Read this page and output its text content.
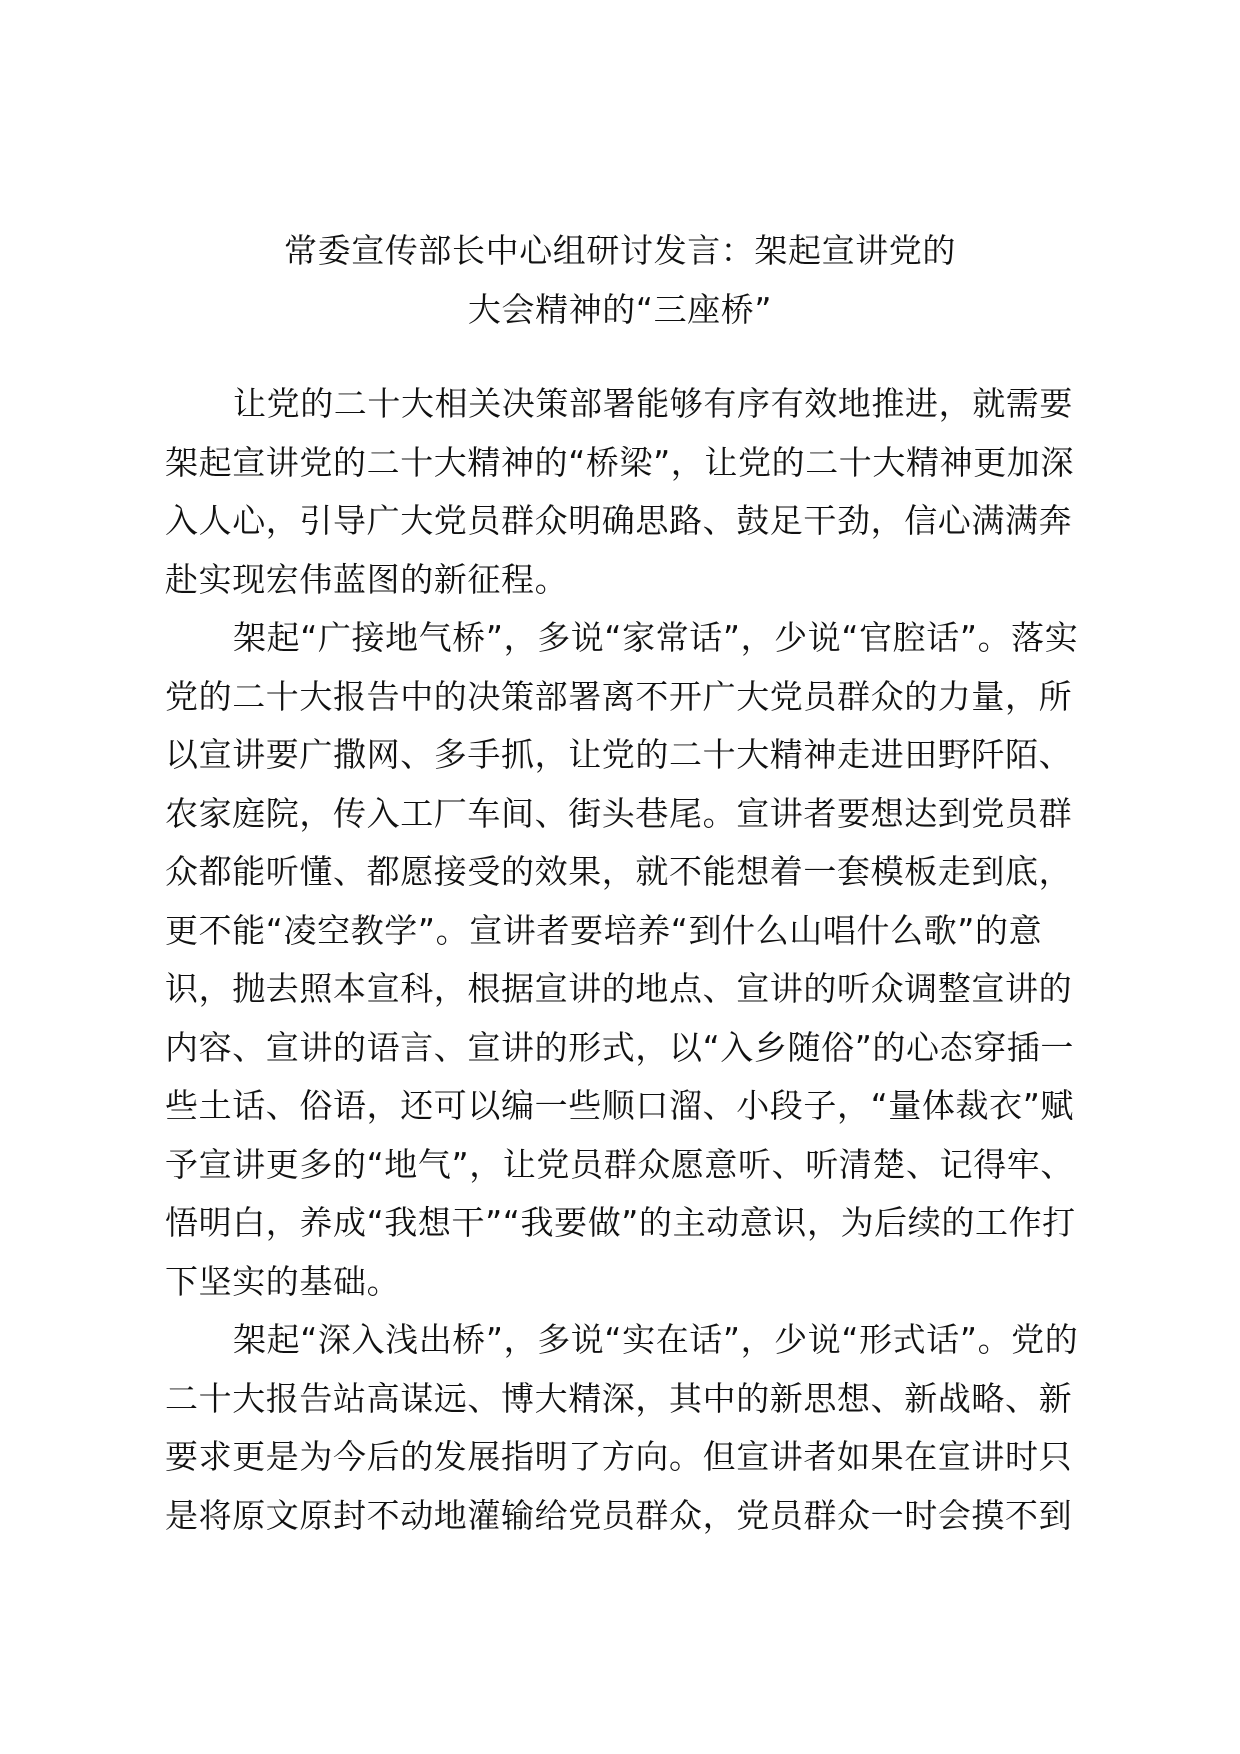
常委宣传部长中心组研讨发言：架起宣讲党的
大会精神的“三座桥”
让党的二十大相关决策部署能够有序有效地推进，就需要
架起宣讲党的二十大精神的“桥梁”，让党的二十大精神更加深
入人心，引导广大党员群众明确思路、鼓足干劲，信心满满奔
赴实现宏伟蓝图的新征程。
架起“广接地气桥”，多说“家常话”，少说“官腔话”。落实
党的二十大报告中的决策部署离不开广大党员群众的力量，所
以宣讲要广撒网、多手抓，让党的二十大精神走进田野阡陌、
农家庭院，传入工厂车间、街头巷尾。宣讲者要想达到党员群
众都能听懂、都愿接受的效果，就不能想着一套模板走到底，
更不能“凌空教学”。宣讲者要培养“到什么山唱什么歌”的意
识，抛去照本宣科，根据宣讲的地点、宣讲的听众调整宣讲的
内容、宣讲的语言、宣讲的形式，以“入乡随俗”的心态穿插一
些土话、俗语，还可以编一些顺口溜、小段子，“量体裁衣”赋
予宣讲更多的“地气”，让党员群众愿意听、听清楚、记得牢、
悟明白，养成“我想干”“我要做”的主动意识，为后续的工作打
下坚实的基础。
架起“深入浅出桥”，多说“实在话”，少说“形式话”。党的
二十大报告站高谋远、博大精深，其中的新思想、新战略、新
要求更是为今后的发展指明了方向。但宣讲者如果在宣讲时只
是将原文原封不动地灌输给党员群众，党员群众一时会摸不到
